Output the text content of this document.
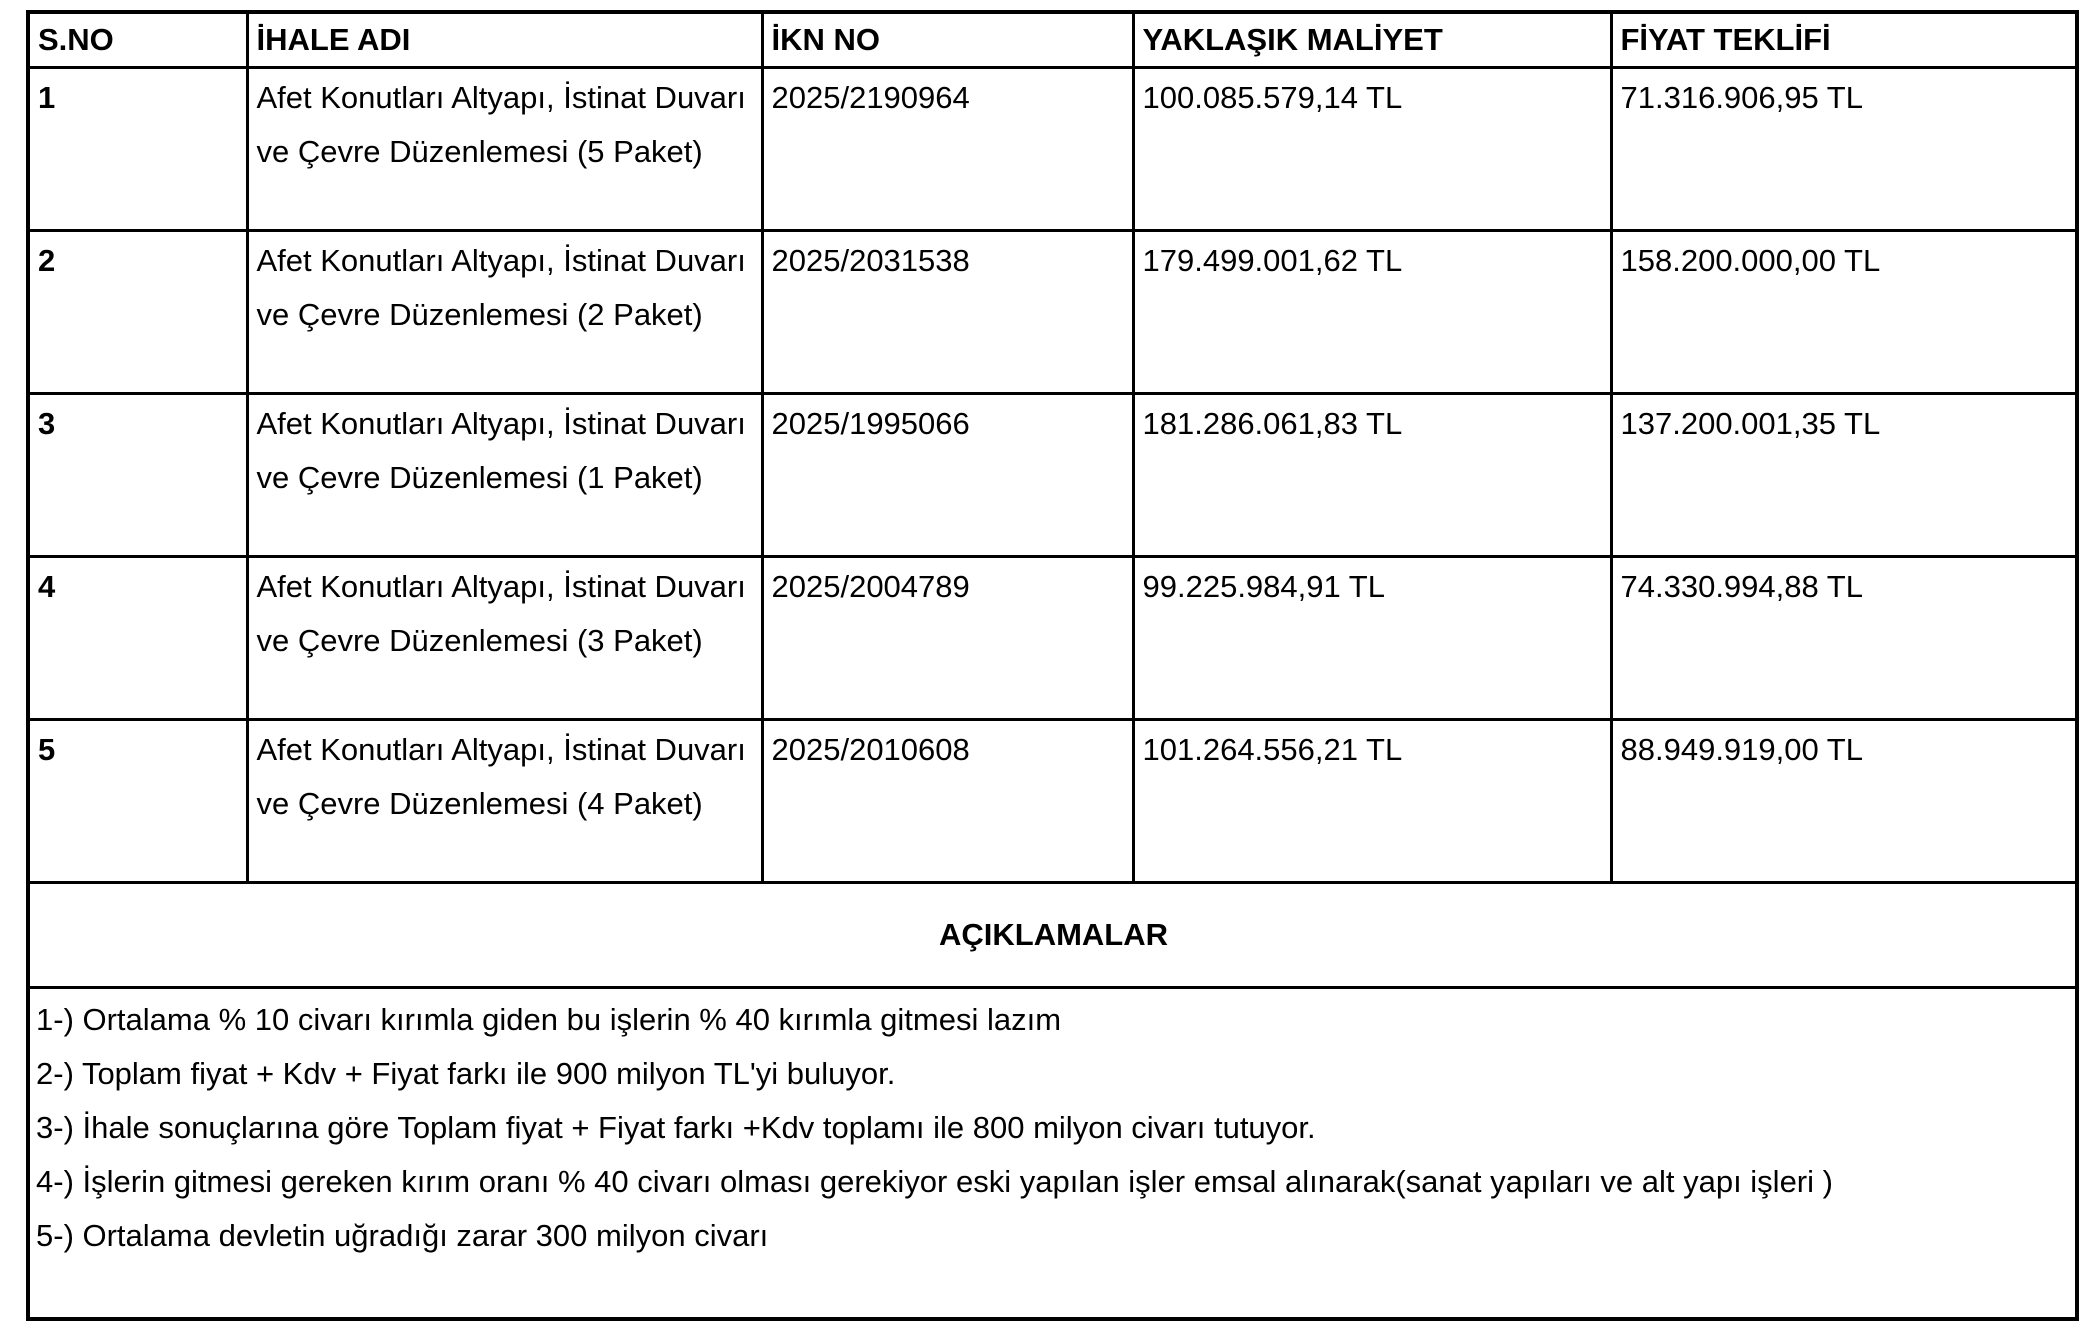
S.NO	İHALE ADI	İKN NO	YAKLAŞIK MALİYET	FİYAT TEKLİFİ
1	Afet Konutları Altyapı, İstinat Duvarı ve Çevre Düzenlemesi (5 Paket)	2025/2190964	100.085.579,14 TL	71.316.906,95 TL
2	Afet Konutları Altyapı, İstinat Duvarı ve Çevre Düzenlemesi (2 Paket)	2025/2031538	179.499.001,62 TL	158.200.000,00 TL
3	Afet Konutları Altyapı, İstinat Duvarı ve Çevre Düzenlemesi (1 Paket)	2025/1995066	181.286.061,83 TL	137.200.001,35 TL
4	Afet Konutları Altyapı, İstinat Duvarı ve Çevre Düzenlemesi (3 Paket)	2025/2004789	99.225.984,91 TL	74.330.994,88 TL
5	Afet Konutları Altyapı, İstinat Duvarı ve Çevre Düzenlemesi (4 Paket)	2025/2010608	101.264.556,21 TL	88.949.919,00 TL
AÇIKLAMALAR				

1-) Ortalama % 10 civarı kırımla giden bu işlerin % 40 kırımla gitmesi lazım
2-) Toplam fiyat + Kdv + Fiyat farkı ile 900 milyon TL'yi buluyor.
3-) İhale sonuçlarına göre Toplam fiyat + Fiyat farkı +Kdv toplamı ile 800 milyon civarı tutuyor.
4-) İşlerin gitmesi gereken kırım oranı % 40 civarı olması gerekiyor eski yapılan işler emsal alınarak(sanat yapıları ve alt yapı işleri )
5-) Ortalama devletin uğradığı zarar 300 milyon civarı				
